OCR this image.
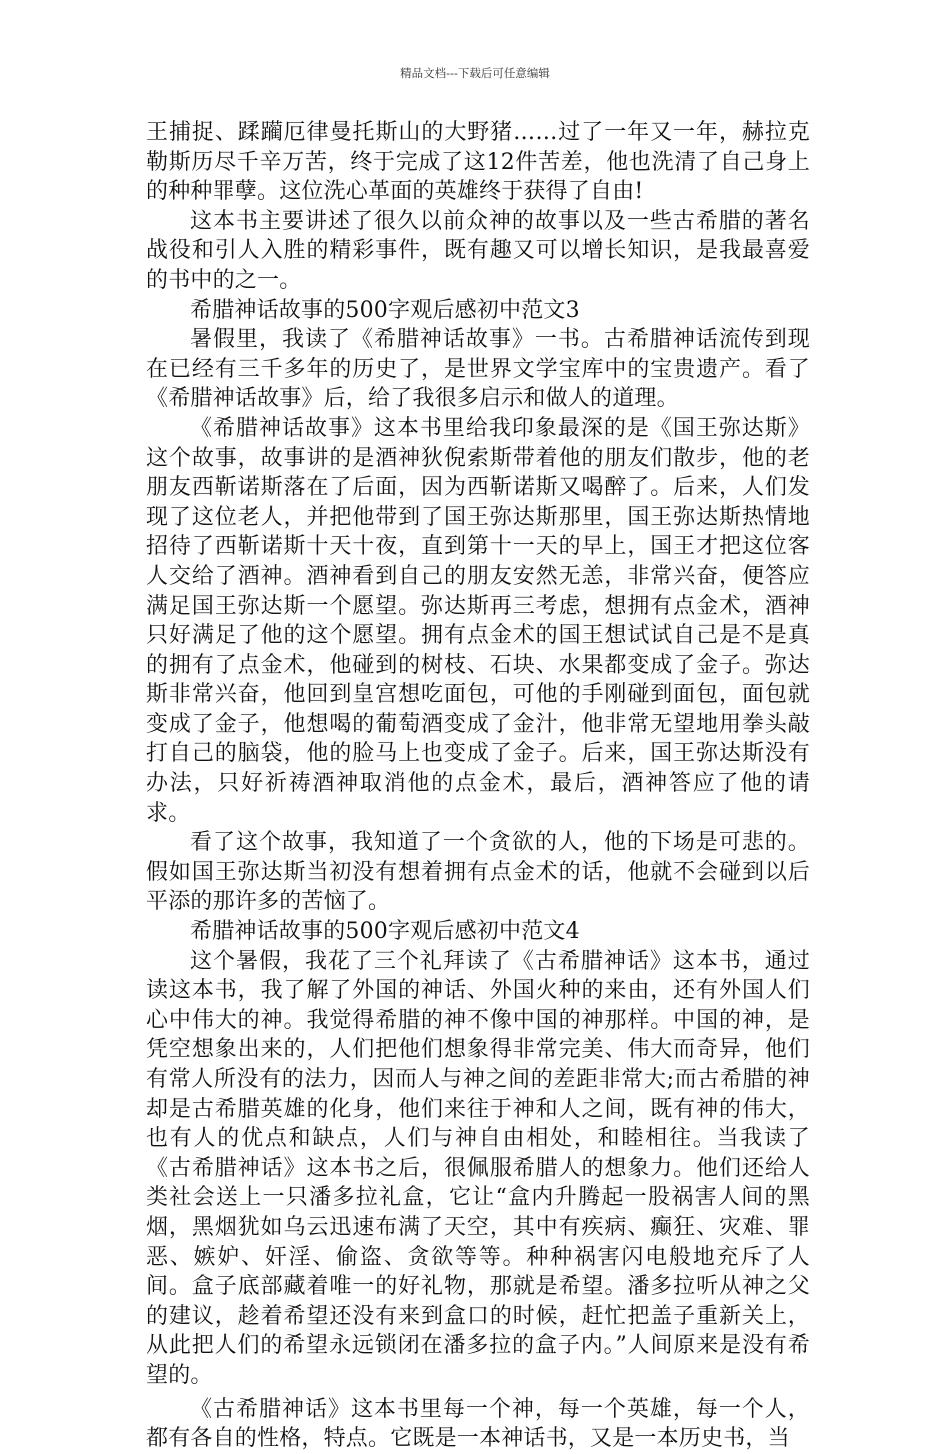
精品文档---下载后可任意编辑

王捕捉、蹂躏厄律曼托斯山的大野猪……过了一年又一年，赫拉克勒斯历尽千辛万苦，终于完成了这12件苦差，他也洗清了自己身上的种种罪孽。这位洗心革面的英雄终于获得了自由!

这本书主要讲述了很久以前众神的故事以及一些古希腊的著名战役和引人入胜的精彩事件，既有趣又可以增长知识，是我最喜爱的书中的之一。

希腊神话故事的500字观后感初中范文3

暑假里，我读了《希腊神话故事》一书。古希腊神话流传到现在已经有三千多年的历史了，是世界文学宝库中的宝贵遗产。看了《希腊神话故事》后，给了我很多启示和做人的道理。

《希腊神话故事》这本书里给我印象最深的是《国王弥达斯》这个故事，故事讲的是酒神狄倪索斯带着他的朋友们散步，他的老朋友西靳诺斯落在了后面，因为西靳诺斯又喝醉了。后来，人们发现了这位老人，并把他带到了国王弥达斯那里，国王弥达斯热情地招待了西靳诺斯十天十夜，直到第十一天的早上，国王才把这位客人交给了酒神。酒神看到自己的朋友安然无恙，非常兴奋，便答应满足国王弥达斯一个愿望。弥达斯再三考虑，想拥有点金术，酒神只好满足了他的这个愿望。拥有点金术的国王想试试自己是不是真的拥有了点金术，他碰到的树枝、石块、水果都变成了金子。弥达斯非常兴奋，他回到皇宫想吃面包，可他的手刚碰到面包，面包就变成了金子，他想喝的葡萄酒变成了金汁，他非常无望地用拳头敲打自己的脑袋，他的脸马上也变成了金子。后来，国王弥达斯没有办法，只好祈祷酒神取消他的点金术，最后，酒神答应了他的请求。

看了这个故事，我知道了一个贪欲的人，他的下场是可悲的。假如国王弥达斯当初没有想着拥有点金术的话，他就不会碰到以后平添的那许多的苦恼了。

希腊神话故事的500字观后感初中范文4

这个暑假，我花了三个礼拜读了《古希腊神话》这本书，通过读这本书，我了解了外国的神话、外国火种的来由，还有外国人们心中伟大的神。我觉得希腊的神不像中国的神那样。中国的神，是凭空想象出来的，人们把他们想象得非常完美、伟大而奇异，他们有常人所没有的法力，因而人与神之间的差距非常大;而古希腊的神却是古希腊英雄的化身，他们来往于神和人之间，既有神的伟大，也有人的优点和缺点，人们与神自由相处，和睦相往。当我读了《古希腊神话》这本书之后，很佩服希腊人的想象力。他们还给人类社会送上一只潘多拉礼盒，它让“盒内升腾起一股祸害人间的黑烟，黑烟犹如乌云迅速布满了天空，其中有疾病、癫狂、灾难、罪恶、嫉妒、奸淫、偷盗、贪欲等等。种种祸害闪电般地充斥了人间。盒子底部藏着唯一的好礼物，那就是希望。潘多拉听从神之父的建议，趁着希望还没有来到盒口的时候，赶忙把盖子重新关上，从此把人们的希望永远锁闭在潘多拉的盒子内。”人间原来是没有希望的。

《古希腊神话》这本书里每一个神，每一个英雄，每一个人，都有各自的性格，特点。它既是一本神话书，又是一本历史书，当
